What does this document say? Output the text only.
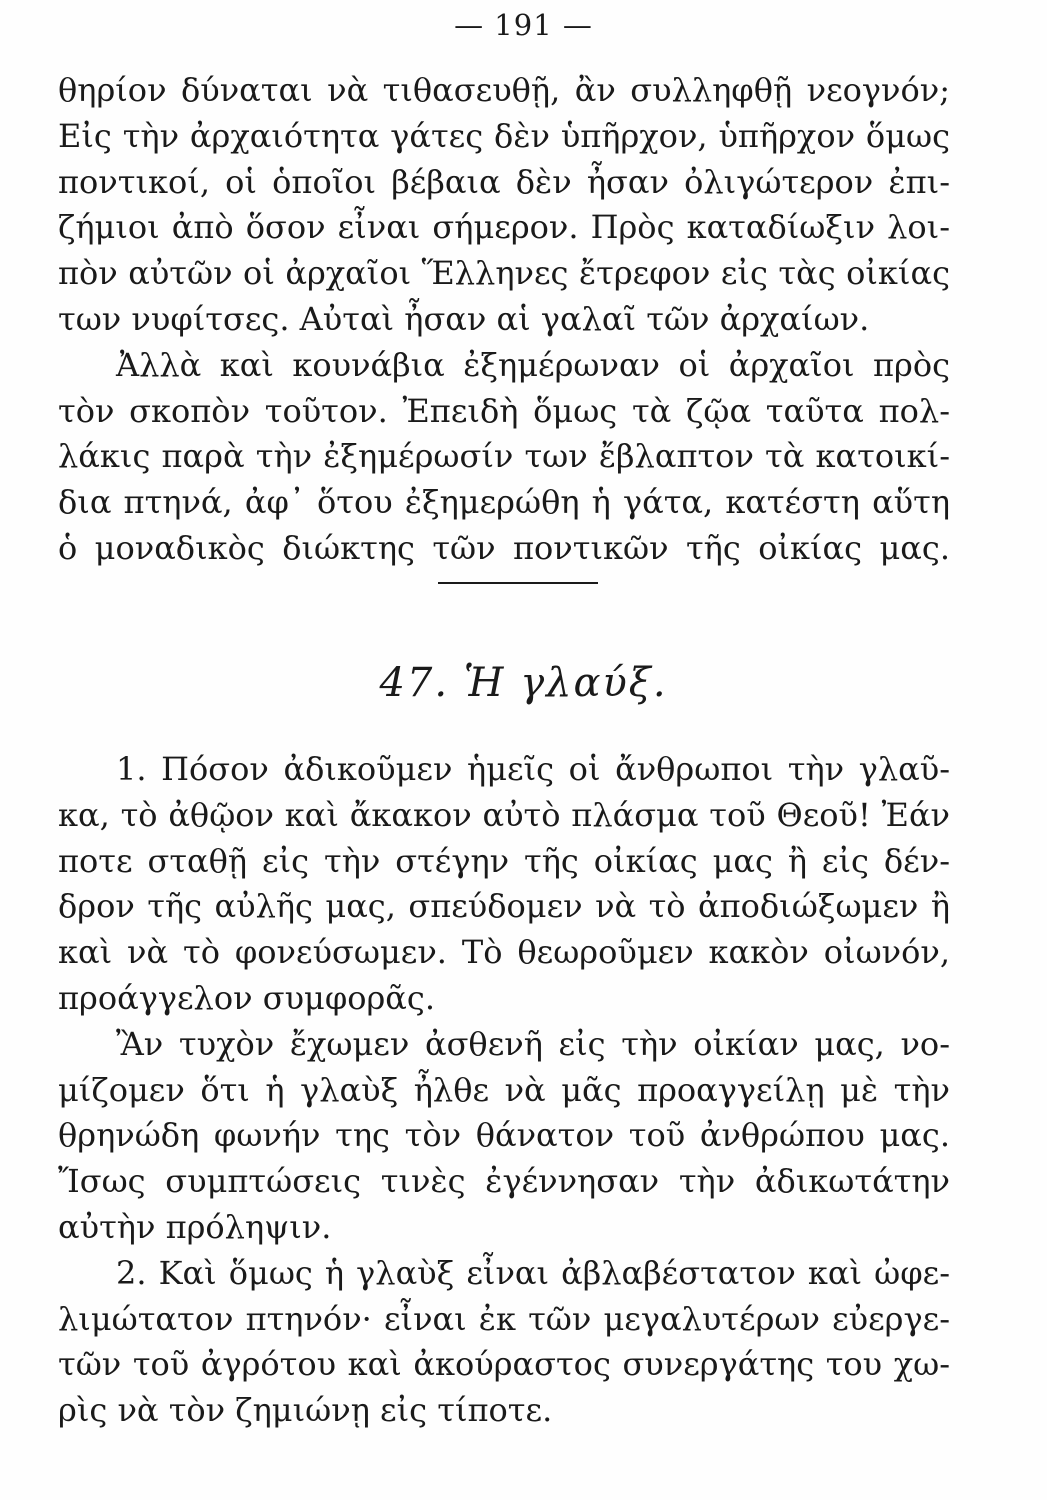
— 191 —
θηρίον δύναται νὰ τιθασευθῇ, ἂν συλληφθῇ νεογνόν;
Εἰς τὴν ἀρχαιότητα γάτες δὲν ὑπῆρχον, ὑπῆρχον ὅμως
ποντικοί, οἱ ὁποῖοι βέβαια δὲν ἦσαν ὀλιγώτερον ἐπι-
ζήμιοι ἀπὸ ὅσον εἶναι σήμερον. Πρὸς καταδίωξιν λοι-
πὸν αὐτῶν οἱ ἀρχαῖοι Ἕλληνες ἔτρεφον εἰς τὰς οἰκίας
των νυφίτσες. Αὐταὶ ἦσαν αἱ γαλαῖ τῶν ἀρχαίων.
Ἀλλὰ καὶ κουνάβια ἐξημέρωναν οἱ ἀρχαῖοι πρὸς
τὸν σκοπὸν τοῦτον. Ἐπειδὴ ὅμως τὰ ζῷα ταῦτα πολ-
λάκις παρὰ τὴν ἐξημέρωσίν των ἔβλαπτον τὰ κατοικί-
δια πτηνά, ἀφ᾽ ὅτου ἐξημερώθη ἡ γάτα, κατέστη αὕτη
ὁ μοναδικὸς διώκτης τῶν ποντικῶν τῆς οἰκίας μας.
47. Ἡ γλαύξ.
1. Πόσον ἀδικοῦμεν ἡμεῖς οἱ ἄνθρωποι τὴν γλαῦ-
κα, τὸ ἀθῷον καὶ ἄκακον αὐτὸ πλάσμα τοῦ Θεοῦ! Ἐάν
ποτε σταθῇ εἰς τὴν στέγην τῆς οἰκίας μας ἢ εἰς δέν-
δρον τῆς αὐλῆς μας, σπεύδομεν νὰ τὸ ἀποδιώξωμεν ἢ
καὶ νὰ τὸ φονεύσωμεν. Τὸ θεωροῦμεν κακὸν οἰωνόν,
προάγγελον συμφορᾶς.
Ἂν τυχὸν ἔχωμεν ἀσθενῆ εἰς τὴν οἰκίαν μας, νο-
μίζομεν ὅτι ἡ γλαὺξ ἦλθε νὰ μᾶς προαγγείλῃ μὲ τὴν
θρηνώδη φωνήν της τὸν θάνατον τοῦ ἀνθρώπου μας.
Ἴσως συμπτώσεις τινὲς ἐγέννησαν τὴν ἀδικωτάτην
αὐτὴν πρόληψιν.
2. Καὶ ὅμως ἡ γλαὺξ εἶναι ἀβλαβέστατον καὶ ὠφε-
λιμώτατον πτηνόν· εἶναι ἐκ τῶν μεγαλυτέρων εὐεργε-
τῶν τοῦ ἀγρότου καὶ ἀκούραστος συνεργάτης του χω-
ρὶς νὰ τὸν ζημιώνῃ εἰς τίποτε.
